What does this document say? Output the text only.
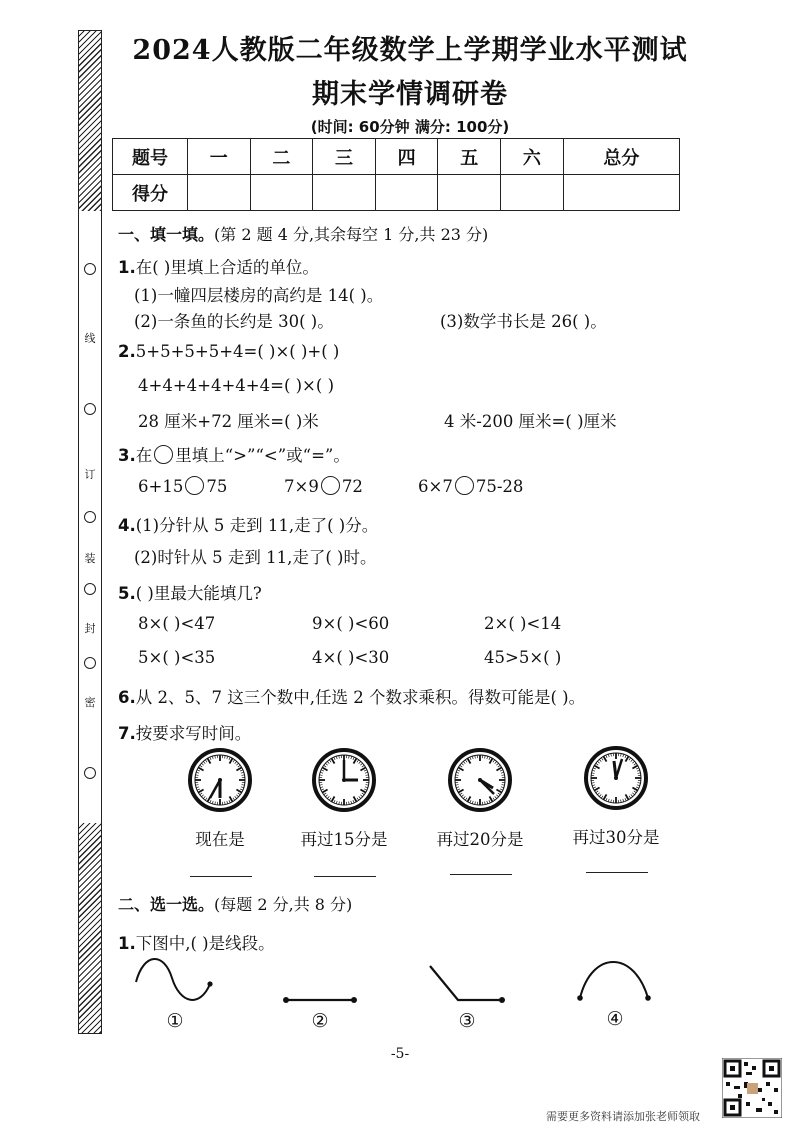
线
订
装
封
密
2024人教版二年级数学上学期学业水平测试
期末学情调研卷
(时间: 60分钟 满分: 100分)
题号	一	二	三	四	五	六	总分
得分							
一、填一填。(第 2 题 4 分,其余每空 1 分,共 23 分)
1.在( )里填上合适的单位。
(1)一幢四层楼房的高约是 14( )。
(2)一条鱼的长约是 30( )。	(3)数学书长是 26( )。
2.5+5+5+5+4=( )×( )+( )
4+4+4+4+4+4=( )×( )
28 厘米+72 厘米=( )米	4 米-200 厘米=( )厘米
3.在 里填上“>”“<”或“=”。
6+15 75	7×9 72	6×7 75-28
4.(1)分针从 5 走到 11,走了( )分。
(2)时针从 5 走到 11,走了( )时。
5.( )里最大能填几?
8×( )<47	9×( )<60	2×( )<14
5×( )<35	4×( )<30	45>5×( )
6.从 2、5、7 这三个数中,任选 2 个数求乘积。得数可能是( )。
7.按要求写时间。
现在是	再过15分是	再过20分是	再过30分是
二、选一选。(每题 2 分,共 8 分)
1.下图中,( )是线段。
①	②	③	④
-5-
需要更多资料请添加张老师领取
